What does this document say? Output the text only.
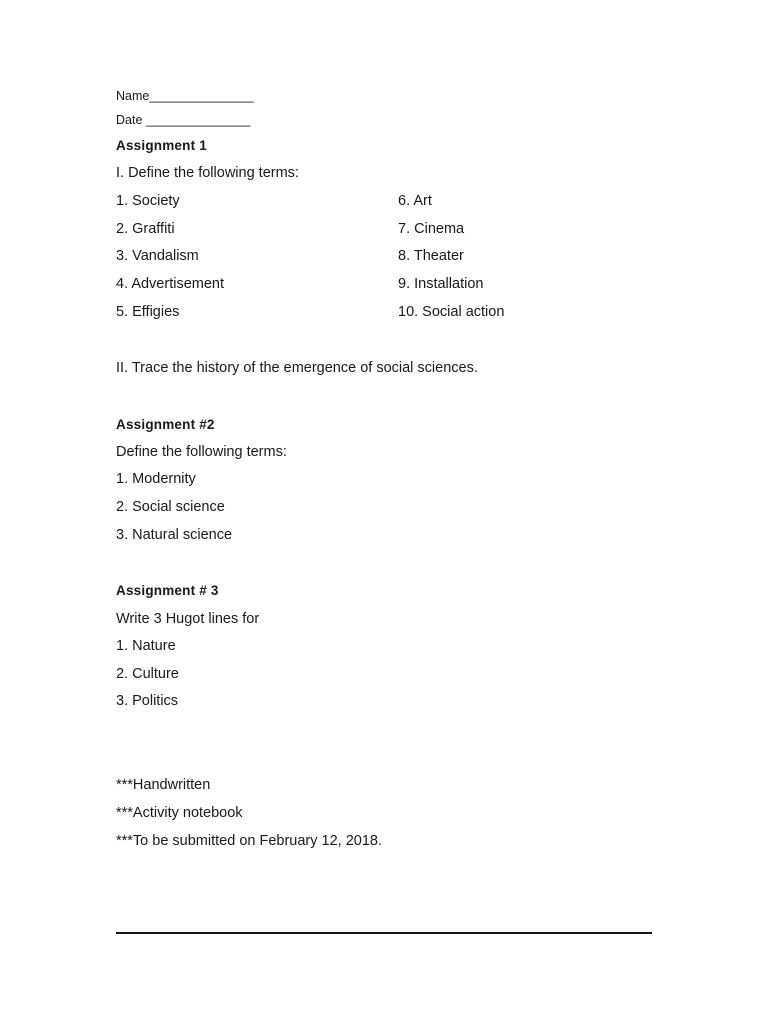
Name_______________
Date _______________
Assignment 1
I. Define the following terms:
1. Society
2. Graffiti
3. Vandalism
4. Advertisement
5. Effigies
6. Art
7. Cinema
8. Theater
9. Installation
10. Social action
II. Trace the history of the emergence of social sciences.
Assignment #2
Define the following terms:
1. Modernity
2. Social science
3. Natural science
Assignment # 3
Write 3 Hugot lines for
1. Nature
2. Culture
3. Politics
***Handwritten
***Activity notebook
***To be submitted on February 12, 2018.
